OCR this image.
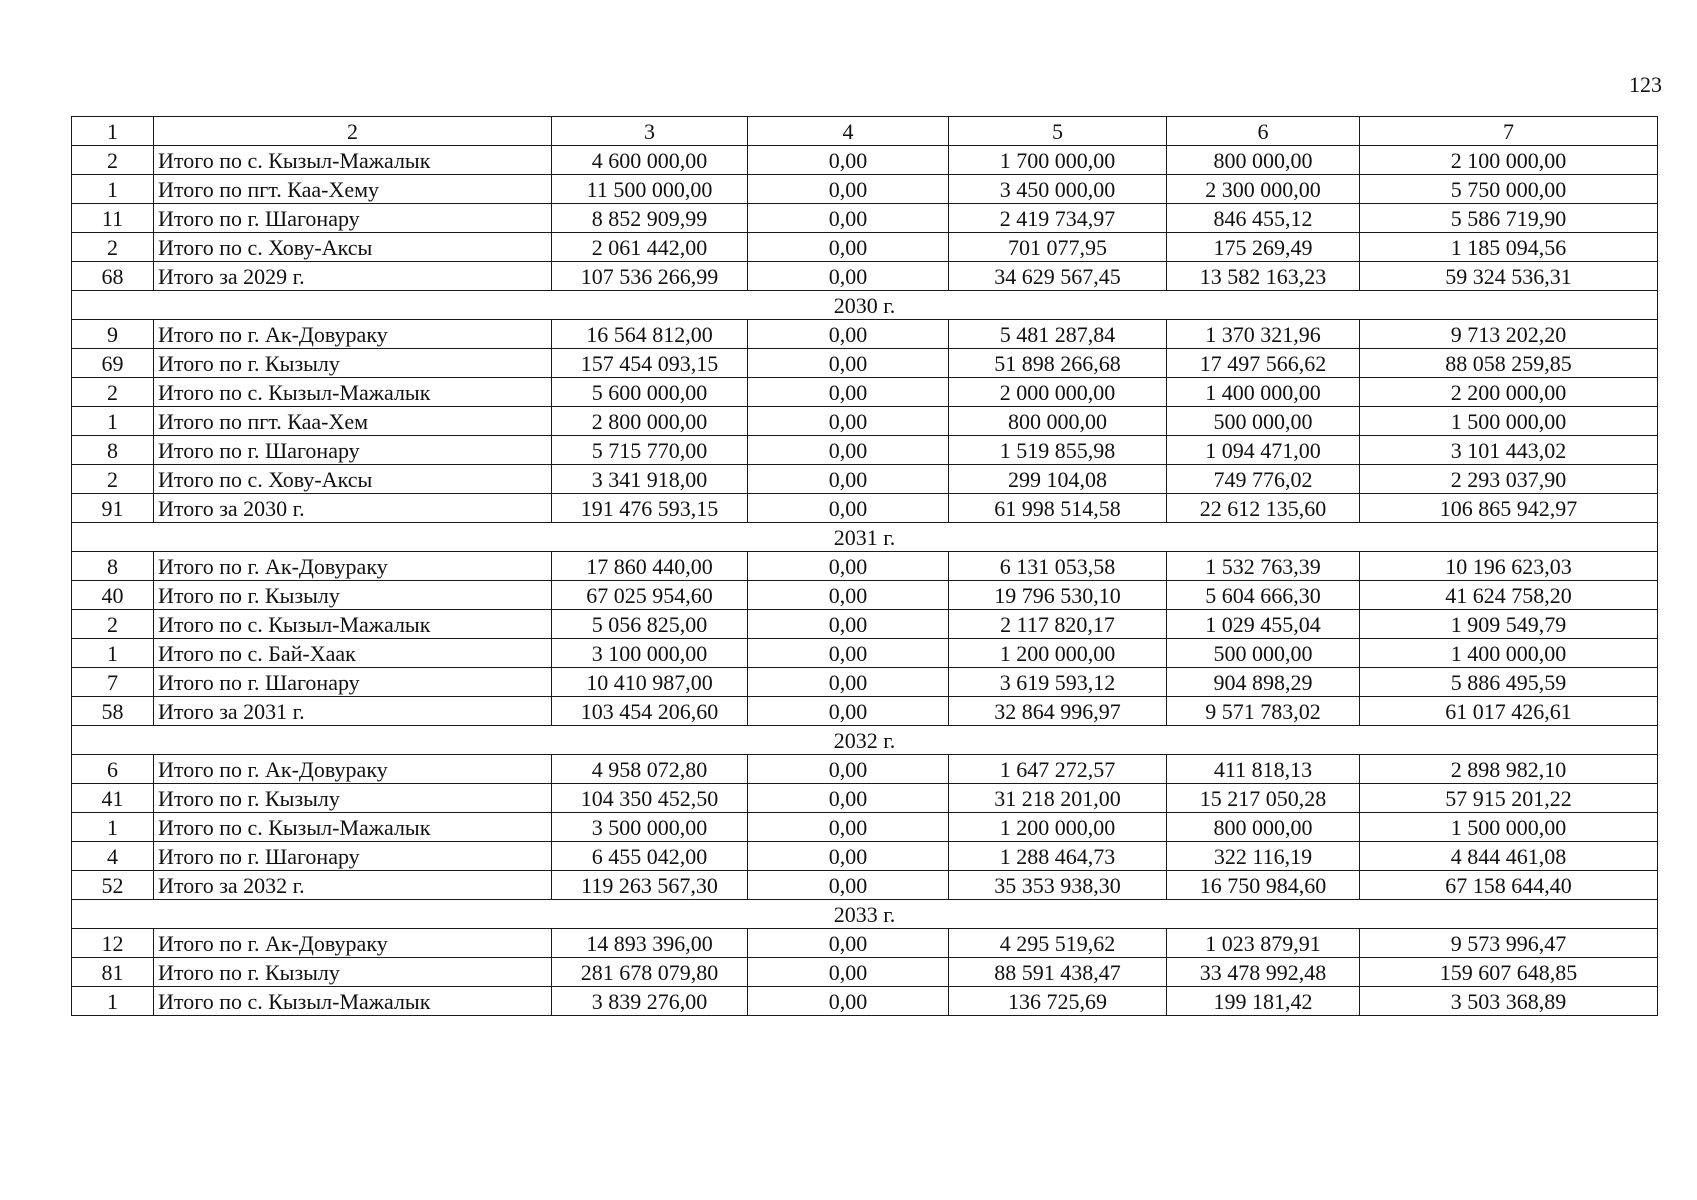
123
1	2	3	4	5	6	7
2	Итого по с. Кызыл-Мажалык	4 600 000,00	0,00	1 700 000,00	800 000,00	2 100 000,00
1	Итого по пгт. Каа-Хему	11 500 000,00	0,00	3 450 000,00	2 300 000,00	5 750 000,00
11	Итого по г. Шагонару	8 852 909,99	0,00	2 419 734,97	846 455,12	5 586 719,90
2	Итого по с. Хову-Аксы	2 061 442,00	0,00	701 077,95	175 269,49	1 185 094,56
68	Итого за 2029 г.	107 536 266,99	0,00	34 629 567,45	13 582 163,23	59 324 536,31
2030 г.						
9	Итого по г. Ак-Довураку	16 564 812,00	0,00	5 481 287,84	1 370 321,96	9 713 202,20
69	Итого по г. Кызылу	157 454 093,15	0,00	51 898 266,68	17 497 566,62	88 058 259,85
2	Итого по с. Кызыл-Мажалык	5 600 000,00	0,00	2 000 000,00	1 400 000,00	2 200 000,00
1	Итого по пгт. Каа-Хем	2 800 000,00	0,00	800 000,00	500 000,00	1 500 000,00
8	Итого по г. Шагонару	5 715 770,00	0,00	1 519 855,98	1 094 471,00	3 101 443,02
2	Итого по с. Хову-Аксы	3 341 918,00	0,00	299 104,08	749 776,02	2 293 037,90
91	Итого за 2030 г.	191 476 593,15	0,00	61 998 514,58	22 612 135,60	106 865 942,97
2031 г.						
8	Итого по г. Ак-Довураку	17 860 440,00	0,00	6 131 053,58	1 532 763,39	10 196 623,03
40	Итого по г. Кызылу	67 025 954,60	0,00	19 796 530,10	5 604 666,30	41 624 758,20
2	Итого по с. Кызыл-Мажалык	5 056 825,00	0,00	2 117 820,17	1 029 455,04	1 909 549,79
1	Итого по с. Бай-Хаак	3 100 000,00	0,00	1 200 000,00	500 000,00	1 400 000,00
7	Итого по г. Шагонару	10 410 987,00	0,00	3 619 593,12	904 898,29	5 886 495,59
58	Итого за 2031 г.	103 454 206,60	0,00	32 864 996,97	9 571 783,02	61 017 426,61
2032 г.						
6	Итого по г. Ак-Довураку	4 958 072,80	0,00	1 647 272,57	411 818,13	2 898 982,10
41	Итого по г. Кызылу	104 350 452,50	0,00	31 218 201,00	15 217 050,28	57 915 201,22
1	Итого по с. Кызыл-Мажалык	3 500 000,00	0,00	1 200 000,00	800 000,00	1 500 000,00
4	Итого по г. Шагонару	6 455 042,00	0,00	1 288 464,73	322 116,19	4 844 461,08
52	Итого за 2032 г.	119 263 567,30	0,00	35 353 938,30	16 750 984,60	67 158 644,40
2033 г.						
12	Итого по г. Ак-Довураку	14 893 396,00	0,00	4 295 519,62	1 023 879,91	9 573 996,47
81	Итого по г. Кызылу	281 678 079,80	0,00	88 591 438,47	33 478 992,48	159 607 648,85
1	Итого по с. Кызыл-Мажалык	3 839 276,00	0,00	136 725,69	199 181,42	3 503 368,89
